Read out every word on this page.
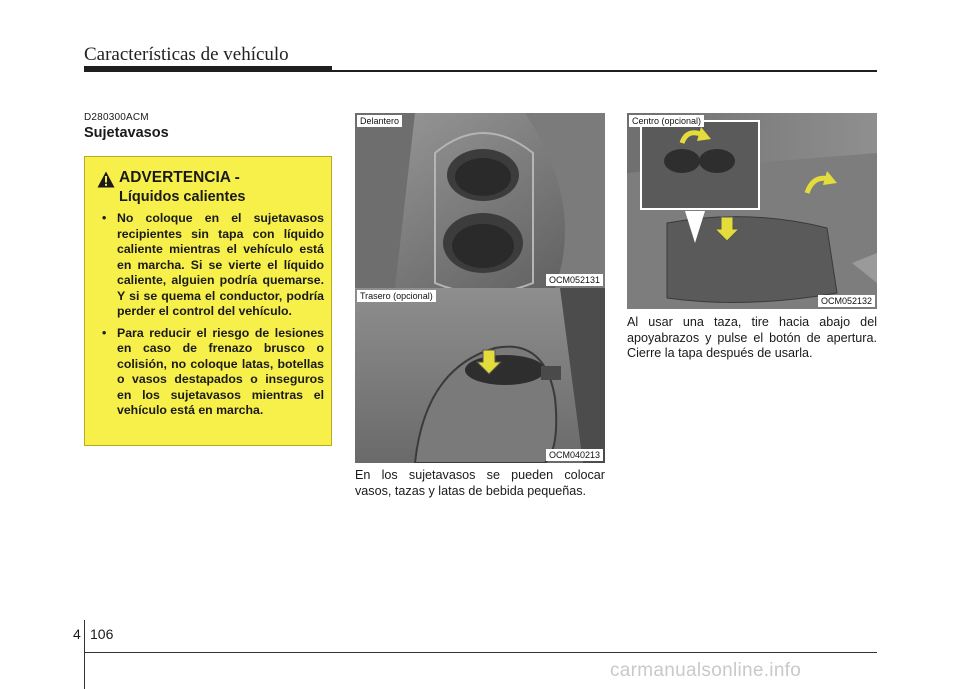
Características de vehículo
D280300ACM
Sujetavasos
ADVERTENCIA -
Líquidos calientes
• No coloque en el sujetavasos recipientes sin tapa con líquido caliente mientras el vehículo está en marcha. Si se vierte el líquido caliente, alguien podría quemarse. Y si se quema el conductor, podría perder el control del vehículo.
• Para reducir el riesgo de lesiones en caso de frenazo brusco o colisión, no coloque latas, botellas o vasos destapados o inseguros en los sujetavasos mientras el vehículo está en marcha.
Delantero
OCM052131
Trasero (opcional)
OCM040213
Centro (opcional)
OCM052132
En los sujetavasos se pueden colocar vasos, tazas y latas de bebida pequeñas.
Al usar una taza, tire hacia abajo del apoyabrazos y pulse el botón de apertura. Cierre la tapa después de usarla.
4 106
carmanualsonline.info
